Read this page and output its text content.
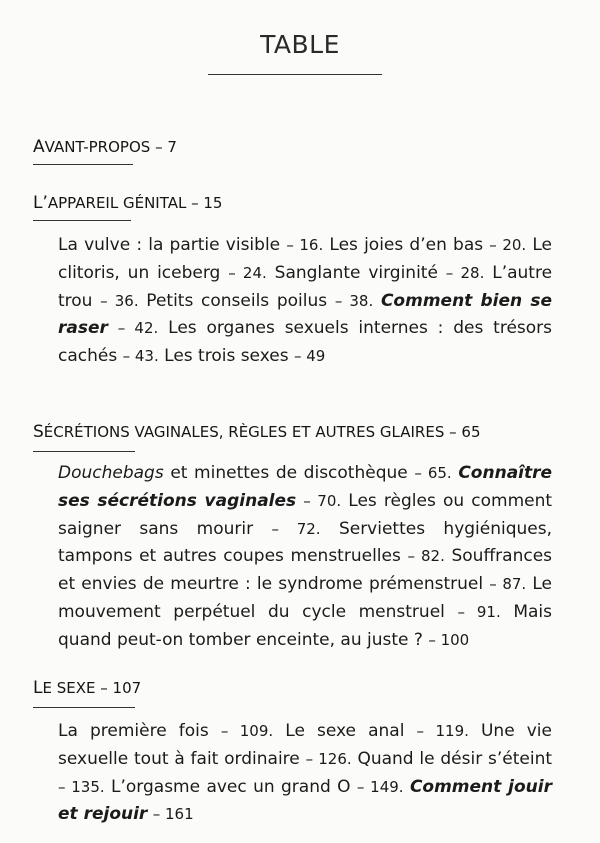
TABLE
AVANT-PROPOS – 7
L’APPAREIL GÉNITAL – 15

La vulve : la partie visible – 16. Les joies d’en bas – 20. Le clitoris, un iceberg – 24. Sanglante virginité – 28. L’autre trou – 36. Petits conseils poilus – 38. Comment bien se raser – 42. Les organes sexuels internes : des trésors cachés – 43. Les trois sexes – 49

SÉCRÉTIONS VAGINALES, RÈGLES ET AUTRES GLAIRES – 65

Douchebags et minettes de discothèque – 65. Connaître ses sécrétions vaginales – 70. Les règles ou comment saigner sans mourir – 72. Serviettes hygiéniques, tampons et autres coupes menstruelles – 82. Souffrances et envies de meurtre : le syndrome prémenstruel – 87. Le mouvement perpétuel du cycle menstruel – 91. Mais quand peut-on tomber enceinte, au juste ? – 100

LE SEXE – 107

La première fois – 109. Le sexe anal – 119. Une vie sexuelle tout à fait ordinaire – 126. Quand le désir s’éteint – 135. L’orgasme avec un grand O – 149. Comment jouir et rejouir – 161
